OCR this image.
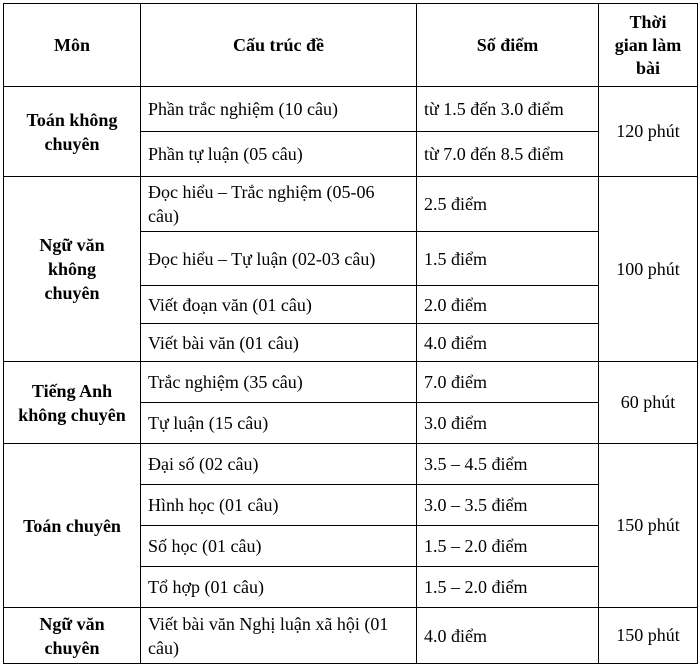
Môn	Cấu trúc đề	Số điểm	Thời gian làm bài
Toán không chuyên	Phần trắc nghiệm (10 câu)	từ 1.5 đến 3.0 điểm	120 phút
	Phần tự luận (05 câu)	từ 7.0 đến 8.5 điểm	
Ngữ văn không chuyên	Đọc hiểu – Trắc nghiệm (05-06 câu)	2.5 điểm	100 phút
	Đọc hiểu – Tự luận (02-03 câu)	1.5 điểm	
	Viết đoạn văn (01 câu)	2.0 điểm	
	Viết bài văn (01 câu)	4.0 điểm	
Tiếng Anh không chuyên	Trắc nghiệm (35 câu)	7.0 điểm	60 phút
	Tự luận (15 câu)	3.0 điểm	
Toán chuyên	Đại số (02 câu)	3.5 – 4.5 điểm	150 phút
	Hình học (01 câu)	3.0 – 3.5 điểm	
	Số học (01 câu)	1.5 – 2.0 điểm	
	Tổ hợp (01 câu)	1.5 – 2.0 điểm	
Ngữ văn chuyên	Viết bài văn Nghị luận xã hội (01 câu)	4.0 điểm	150 phút
